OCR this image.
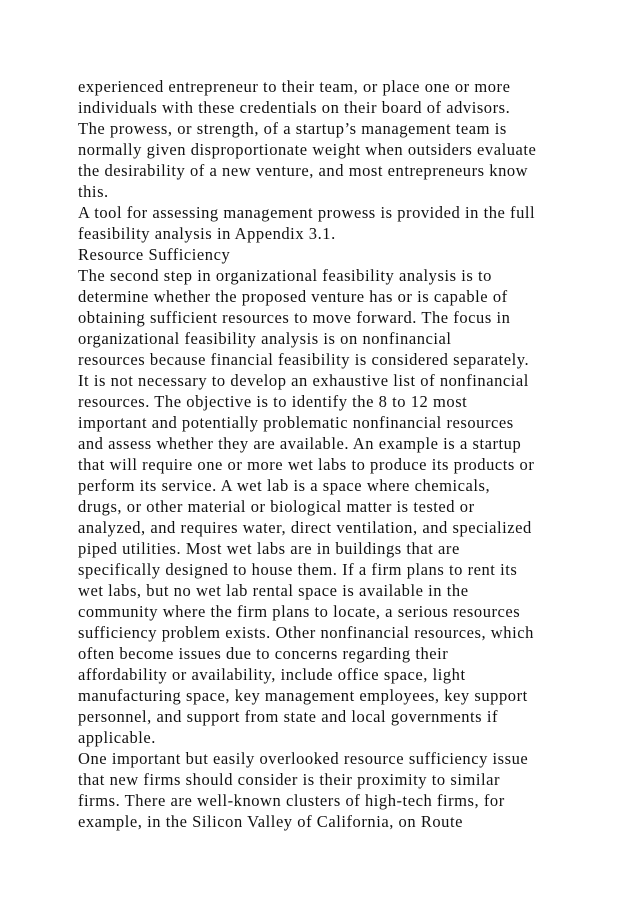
experienced entrepreneur to their team, or place one or more
individuals with these credentials on their board of advisors.
The prowess, or strength, of a startup’s management team is
normally given disproportionate weight when outsiders evaluate
the desirability of a new venture, and most entrepreneurs know
this.
A tool for assessing management prowess is provided in the full
feasibility analysis in Appendix 3.1.
Resource Sufficiency
The second step in organizational feasibility analysis is to
determine whether the proposed venture has or is capable of
obtaining sufficient resources to move forward. The focus in
organizational feasibility analysis is on nonfinancial
resources because financial feasibility is considered separately.
It is not necessary to develop an exhaustive list of nonfinancial
resources. The objective is to identify the 8 to 12 most
important and potentially problematic nonfinancial resources
and assess whether they are available. An example is a startup
that will require one or more wet labs to produce its products or
perform its service. A wet lab is a space where chemicals,
drugs, or other material or biological matter is tested or
analyzed, and requires water, direct ventilation, and specialized
piped utilities. Most wet labs are in buildings that are
specifically designed to house them. If a firm plans to rent its
wet labs, but no wet lab rental space is available in the
community where the firm plans to locate, a serious resources
sufficiency problem exists. Other nonfinancial resources, which
often become issues due to concerns regarding their
affordability or availability, include office space, light
manufacturing space, key management employees, key support
personnel, and support from state and local governments if
applicable.
One important but easily overlooked resource sufficiency issue
that new firms should consider is their proximity to similar
firms. There are well-known clusters of high-tech firms, for
example, in the Silicon Valley of California, on Route
